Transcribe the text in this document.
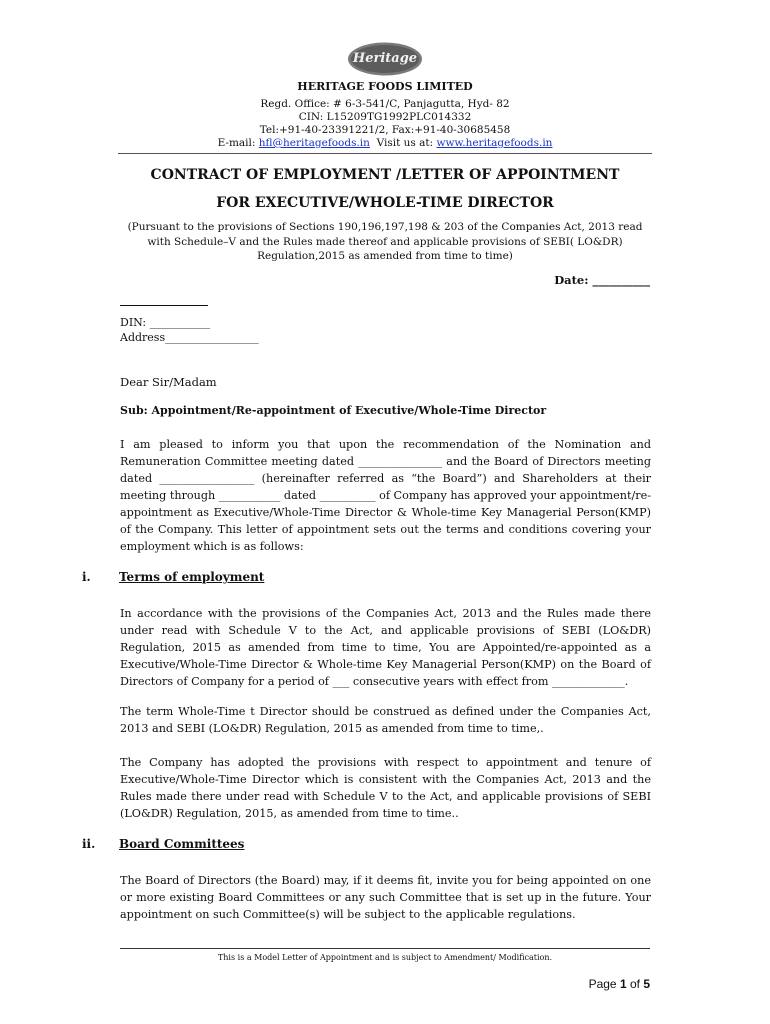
Heritage
HERITAGE FOODS LIMITED
Regd. Office: # 6-3-541/C, Panjagutta, Hyd- 82
CIN: L15209TG1992PLC014332
Tel:+91-40-23391221/2, Fax:+91-40-30685458
E-mail: hfl@heritagefoods.in  Visit us at: www.heritagefoods.in
CONTRACT OF EMPLOYMENT /LETTER OF APPOINTMENT
FOR EXECUTIVE/WHOLE-TIME DIRECTOR
(Pursuant to the provisions of Sections 190,196,197,198 & 203 of the Companies Act, 2013 read with Schedule–V and the Rules made thereof and applicable provisions of SEBI( LO&DR) Regulation,2015 as amended from time to time)
Date: __________
DIN: ___________
Address_________________
Dear Sir/Madam
Sub: Appointment/Re-appointment of Executive/Whole-Time Director

I am pleased to inform you that upon the recommendation of the Nomination and Remuneration Committee meeting dated _______________ and the Board of Directors meeting dated _________________ (hereinafter referred as “the Board”) and Shareholders at their meeting through ___________ dated __________ of Company has approved your appointment/re-appointment as Executive/Whole-Time Director & Whole-time Key Managerial Person(KMP) of the Company. This letter of appointment sets out the terms and conditions covering your employment which is as follows:

i. Terms of employment

In accordance with the provisions of the Companies Act, 2013 and the Rules made there under read with Schedule V to the Act, and applicable provisions of SEBI (LO&DR) Regulation, 2015 as amended from time to time, You are Appointed/re-appointed as a Executive/Whole-Time Director & Whole-time Key Managerial Person(KMP) on the Board of Directors of Company for a period of ___ consecutive years with effect from _____________.

The term Whole-Time t Director should be construed as defined under the Companies Act, 2013 and SEBI (LO&DR) Regulation, 2015 as amended from time to time,.

The Company has adopted the provisions with respect to appointment and tenure of Executive/Whole-Time Director which is consistent with the Companies Act, 2013 and the Rules made there under read with Schedule V to the Act, and applicable provisions of SEBI (LO&DR) Regulation, 2015, as amended from time to time..

ii. Board Committees

The Board of Directors (the Board) may, if it deems fit, invite you for being appointed on one or more existing Board Committees or any such Committee that is set up in the future. Your appointment on such Committee(s) will be subject to the applicable regulations.

This is a Model Letter of Appointment and is subject to Amendment/ Modification.
Page 1 of 5
